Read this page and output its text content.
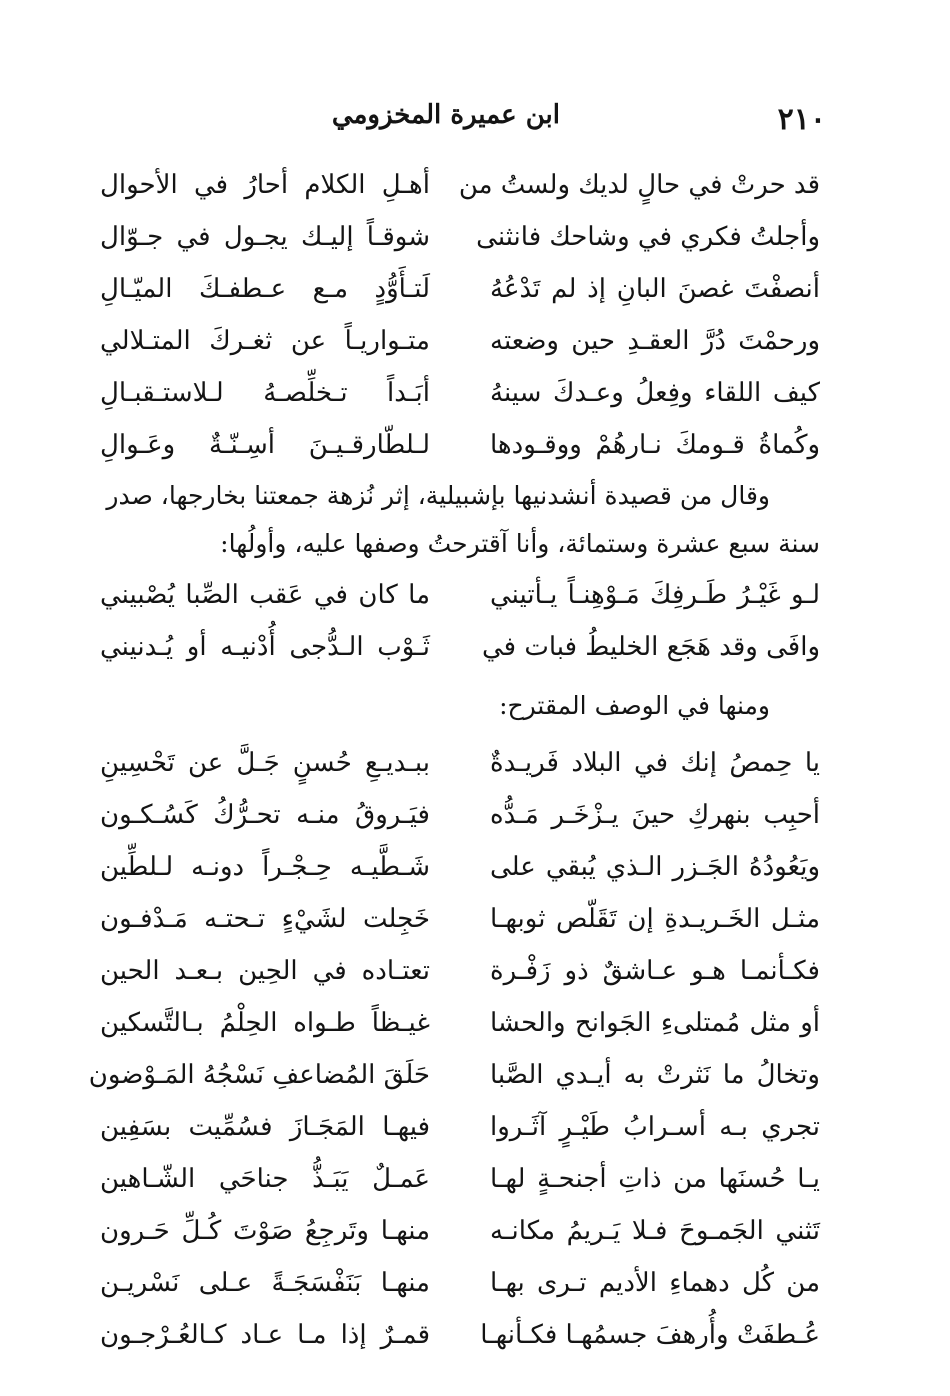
٢١٠
ابن عميرة المخزومي
قد حرتْ في حالٍ لديك ولستُ من
أهـلِ الكلام أحارُ في الأحوال
وأجلتُ فكري في وشاحك فانثنى
شوقـاً إليـك يجـول في جـوّال
أنصفْتَ غصنَ البانِ إذ لم تَدْعُهُ
لَتـأَوُّدٍ مـع عـطفـكَ الميّـالِ
ورحمْتَ دُرَّ العقـدِ حين وضعته
متـواريـاً عن ثغـركَ المتـلالي
كيف اللقاء وفِعلُ وعـدكَ سينهُ
أبَـداً تـخلِّصـهُ لـلاستـقبـالِ
وكُماةُ قـومكَ نـارهُمْ ووقـودها
لـلطّارقـيـنَ أسِـنّـةٌ وعَـوالِ

وقال من قصيدة أنشدنيها بإشبيلية، إثر نُزهة جمعتنا بخارجها، صدر

سنة سبع عشرة وستمائة، وأنا آقترحتُ وصفها عليه، وأولُها:

لـو غَيْـرُ طَـرفِكَ مَـوْهِنـاً يـأتيني
ما كان في عَقب الصِّبا يُصْبيني
وافَى وقد هَجَع الخليطُ فبات في
ثَـوْب الـدُّجى أُدْنيـه أو يُـدنيني
ومنها في الوصف المقترح:
يا حِمصُ إنك في البلاد فَريـدةٌ
ببـديـعِ حُسنٍ جَـلَّ عن تَحْسِينِ
أحبِب بنهركِ حينَ يـزْخَـر مَـدُّه
فيَـروقُ منـه تحـرُّكُ كَسُـكـون
ويَعُودُهُ الجَـزر الـذي يُبقي على
شَـطَّيـه حِـجْـراً دونـه لـلطِّين
مثـل الخَـريـدةِ إن تَقَلّص ثوبهـا
خَجِلت لشَيْءٍ تـحتـه مَـدْفـون
فكـأنمـا هـو عـاشقٌ ذو زَفْـرة
تعتـاده في الحِين بـعـد الحين
أو مثل مُمتلىءِ الجَوانح والحشا
غيـظاً طـواه الحِلْمُ بـالتَّسكين
وتخالُ ما نَثرتْ به أيـدي الصَّبا
حَلَقَ المُضاعفِ نَسْجُهُ المَـوْضون
تجري بـه أسـرابُ طَيْـرٍ آثَـروا
فيهـا المَجَـازَ فسُمِّيت بسَفِين
يـا حُسنَها من ذاتِ أجنحـةٍ لهـا
عَمـلٌ يَبَـذُّ جناحَي الشّـاهين
تَثني الجَمـوحَ فـلا يَـريمُ مكانـه
منهـا وتَرجِعُ صَوْتَ كُـلِّ حَـرون
من كُل دهماءِ الأديم تـرى بهـا
منهـا بَنَفْسَجَـةً عـلى نَسْريـن
عُـطفَتْ وأُرهفَ جسمُهـا فكـأنهـا
قمـرٌ إذا مـا عـاد كـالعُـرْجـون
